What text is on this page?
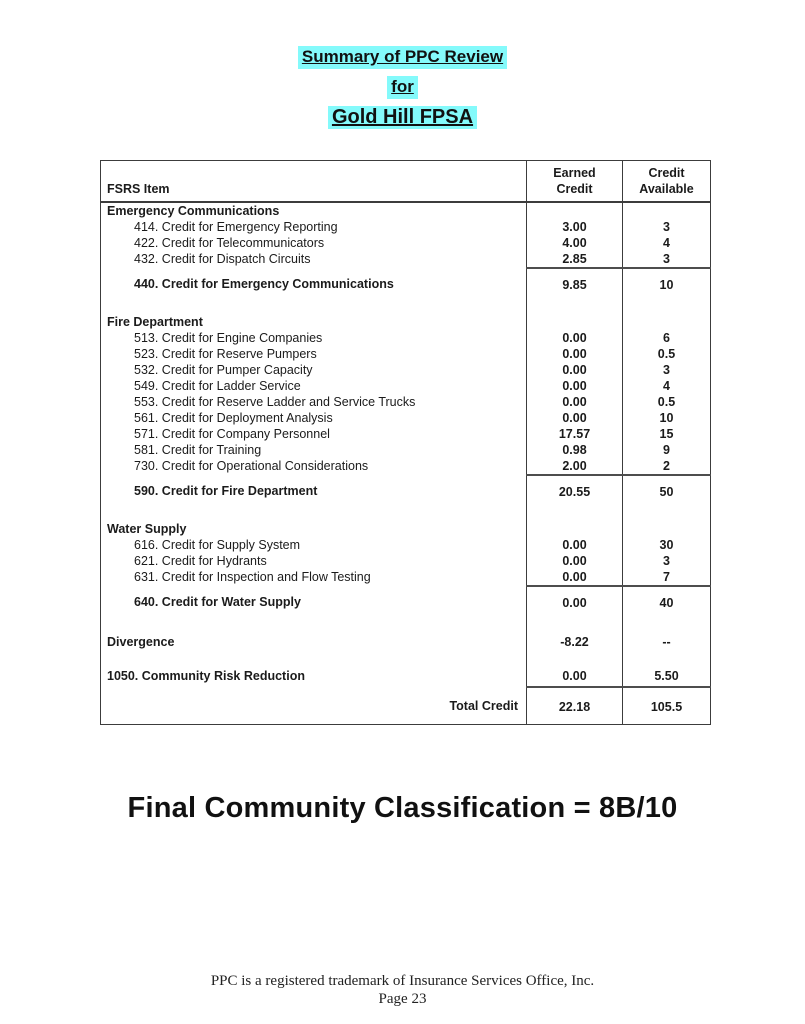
Summary of PPC Review
for
Gold Hill FPSA
FSRS Item	Earned Credit	Credit Available
Emergency Communications		
414. Credit for Emergency Reporting	3.00	3
422. Credit for Telecommunicators	4.00	4
432. Credit for Dispatch Circuits	2.85	3
440. Credit for Emergency Communications	9.85	10

Fire Department		
513. Credit for Engine Companies	0.00	6
523. Credit for Reserve Pumpers	0.00	0.5
532. Credit for Pumper Capacity	0.00	3
549. Credit for Ladder Service	0.00	4
553. Credit for Reserve Ladder and Service Trucks	0.00	0.5
561. Credit for Deployment Analysis	0.00	10
571. Credit for Company Personnel	17.57	15
581. Credit for Training	0.98	9
730. Credit for Operational Considerations	2.00	2
590. Credit for Fire Department	20.55	50

Water Supply		
616. Credit for Supply System	0.00	30
621. Credit for Hydrants	0.00	3
631. Credit for Inspection and Flow Testing	0.00	7
640. Credit for Water Supply	0.00	40

Divergence	-8.22	--

1050. Community Risk Reduction	0.00	5.50
Total Credit	22.18	105.5
Final Community Classification = 8B/10
PPC is a registered trademark of Insurance Services Office, Inc.
Page 23
